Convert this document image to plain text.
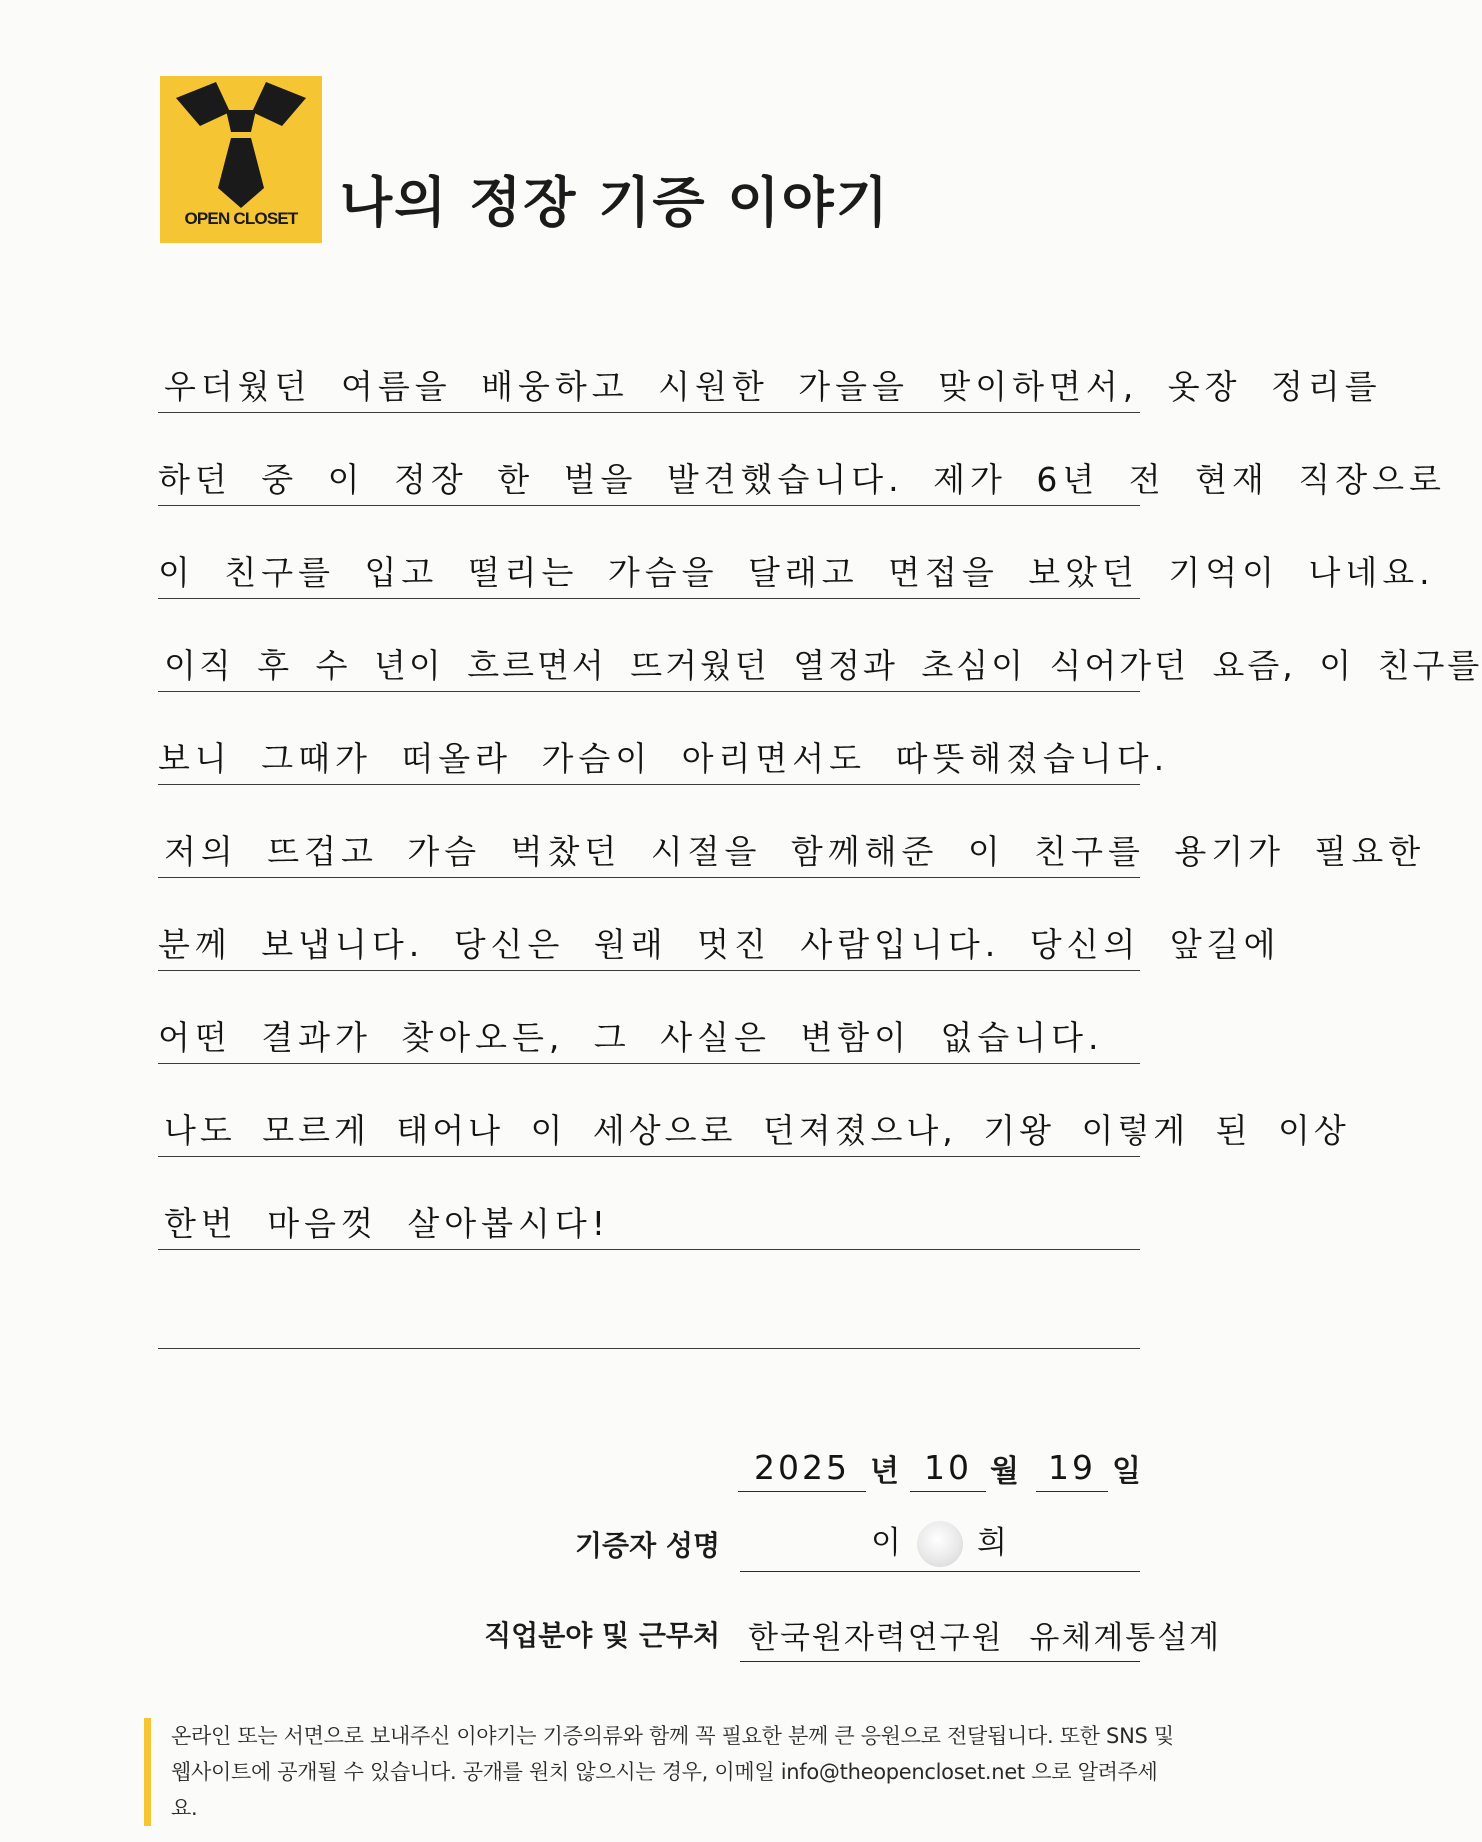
OPEN CLOSET 나의 정장 기증 이야기
우더웠던 여름을 배웅하고 시원한 가을을 맞이하면서, 옷장 정리를
하던 중 이 정장 한 벌을 발견했습니다. 제가 6년 전 현재 직장으로
이 친구를 입고 떨리는 가슴을 달래고 면접을 보았던 기억이 나네요.
이직 후 수 년이 흐르면서 뜨거웠던 열정과 초심이 식어가던 요즘, 이 친구를
보니 그때가 떠올라 가슴이 아리면서도 따뜻해졌습니다.
저의 뜨겁고 가슴 벅찼던 시절을 함께해준 이 친구를 용기가 필요한
분께 보냅니다. 당신은 원래 멋진 사람입니다. 당신의 앞길에
어떤 결과가 찾아오든, 그 사실은 변함이 없습니다.
나도 모르게 태어나 이 세상으로 던져졌으나, 기왕 이렇게 된 이상
한번 마음껏 살아봅시다!
2025 년 10 월 19 일
기증자 성명	이 희
직업분야 및 근무처 한국원자력연구원 유체계통설계

온라인 또는 서면으로 보내주신 이야기는 기증의류와 함께 꼭 필요한 분께 큰 응원으로 전달됩니다. 또한 SNS 및

웹사이트에 공개될 수 있습니다. 공개를 원치 않으시는 경우, 이메일 info@theopencloset.net 으로 알려주세요.
